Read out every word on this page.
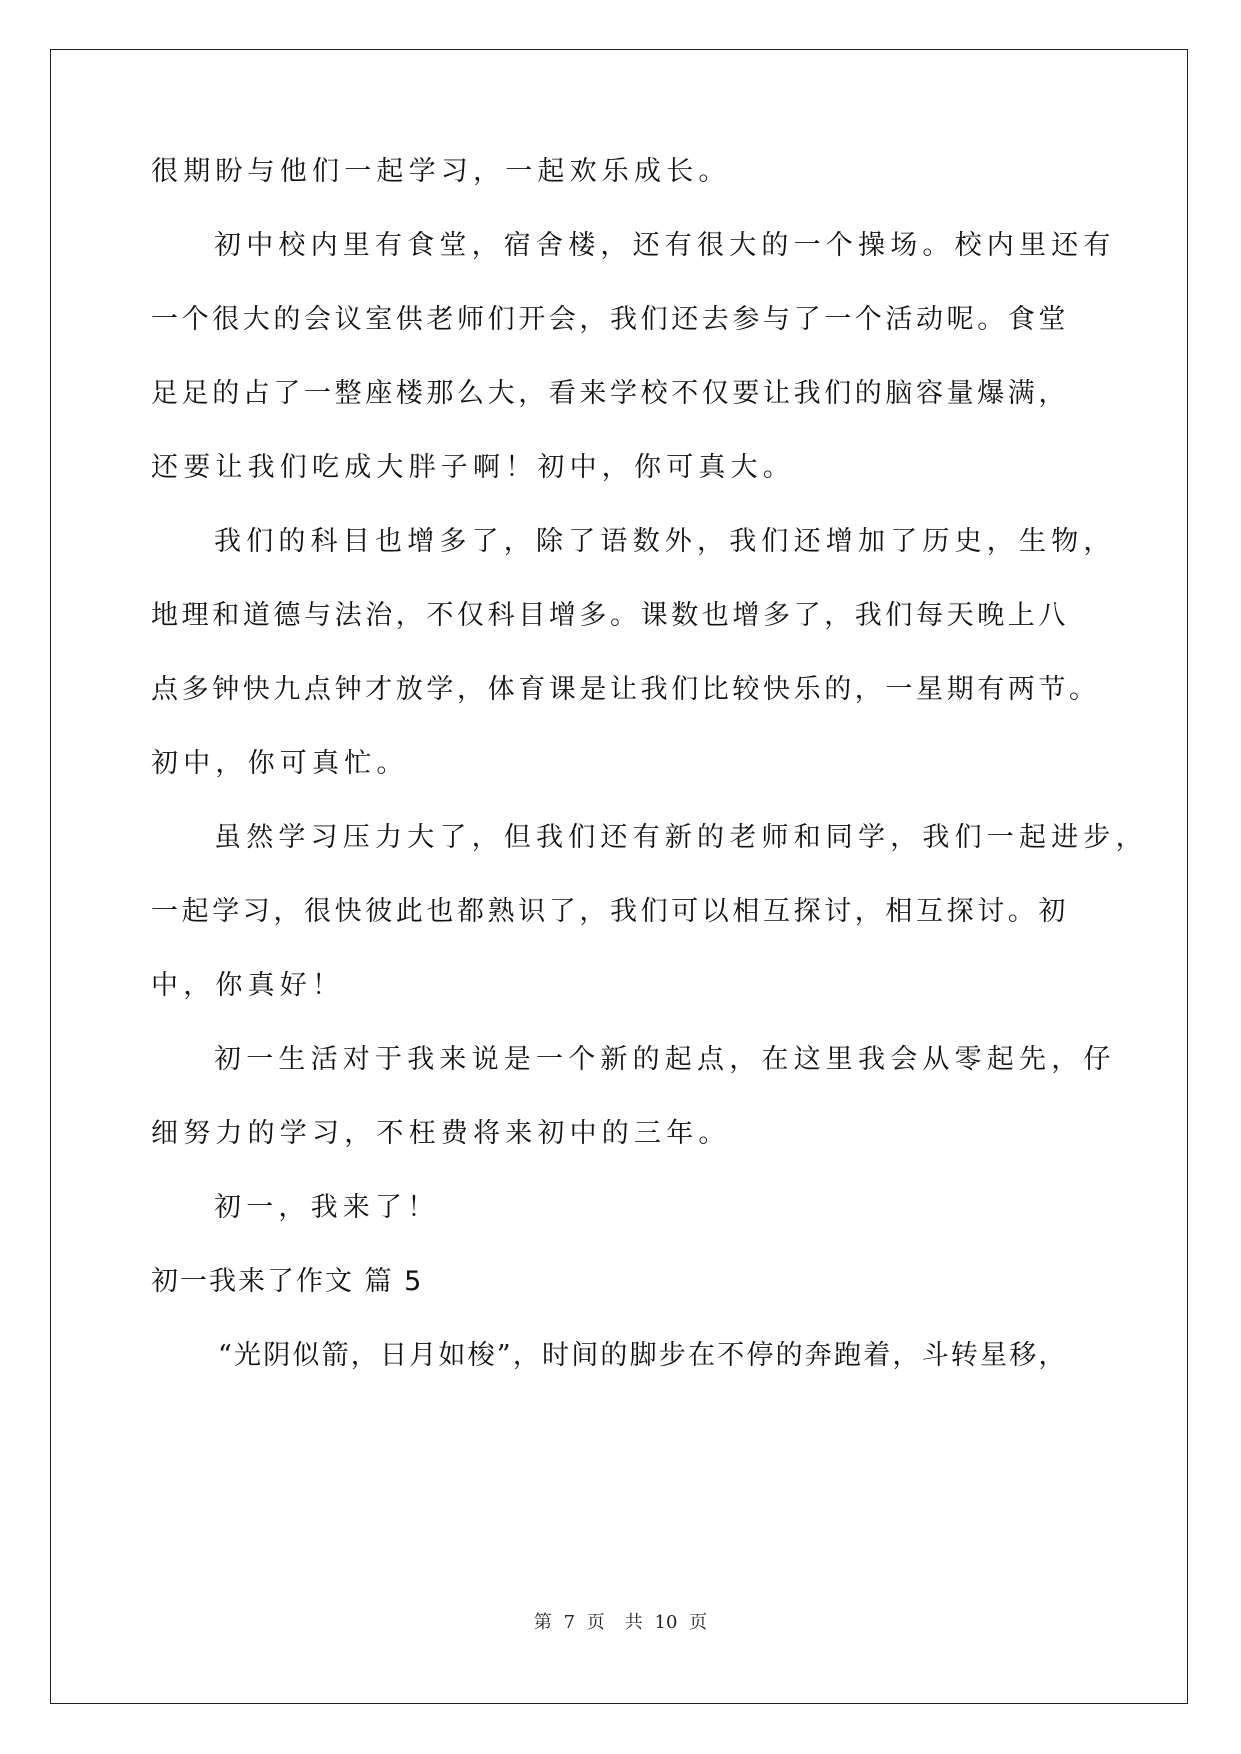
很期盼与他们一起学习，一起欢乐成长。
初中校内里有食堂，宿舍楼，还有很大的一个操场。校内里还有
一个很大的会议室供老师们开会，我们还去参与了一个活动呢。食堂
足足的占了一整座楼那么大，看来学校不仅要让我们的脑容量爆满，
还要让我们吃成大胖子啊！初中，你可真大。
我们的科目也增多了，除了语数外，我们还增加了历史，生物，
地理和道德与法治，不仅科目增多。课数也增多了，我们每天晚上八
点多钟快九点钟才放学，体育课是让我们比较快乐的，一星期有两节。
初中，你可真忙。
虽然学习压力大了，但我们还有新的老师和同学，我们一起进步，
一起学习，很快彼此也都熟识了，我们可以相互探讨，相互探讨。初
中，你真好！
初一生活对于我来说是一个新的起点，在这里我会从零起先，仔
细努力的学习，不枉费将来初中的三年。
初一，我来了！
初一我来了作文 篇 5
“光阴似箭，日月如梭”，时间的脚步在不停的奔跑着，斗转星移，
第 7 页 共 10 页
